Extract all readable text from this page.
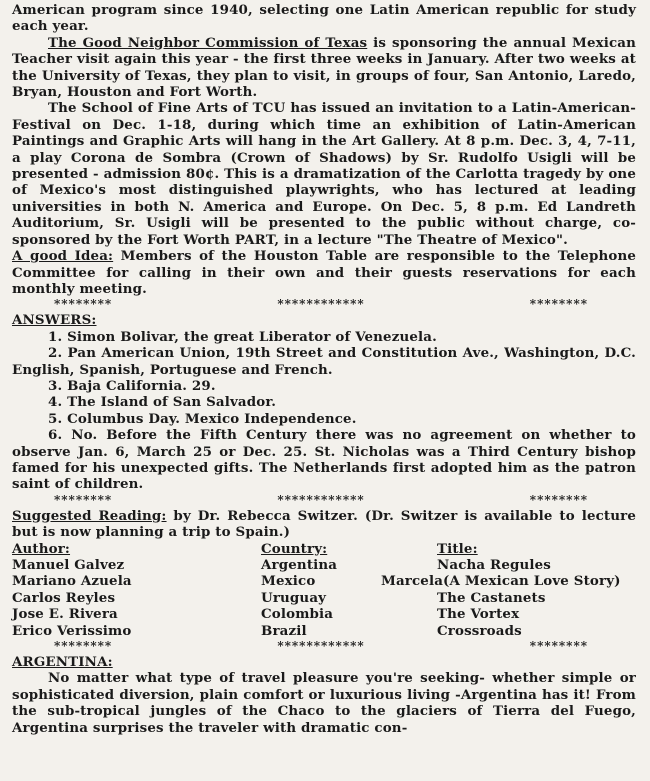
American program since 1940, selecting one Latin American republic for study each year.

The Good Neighbor Commission of Texas is sponsoring the annual Mexican Teacher visit again this year - the first three weeks in January. After two weeks at the University of Texas, they plan to visit, in groups of four, San Antonio, Laredo, Bryan, Houston and Fort Worth.

The School of Fine Arts of TCU has issued an invitation to a Latin-American-Festival on Dec. 1-18, during which time an exhibition of Latin-American Paintings and Graphic Arts will hang in the Art Gallery. At 8 p.m. Dec. 3, 4, 7-11, a play Corona de Sombra (Crown of Shadows) by Sr. Rudolfo Usigli will be presented - admission 80¢. This is a dramatization of the Carlotta tragedy by one of Mexico's most distinguished playwrights, who has lectured at leading universities in both N. America and Europe. On Dec. 5, 8 p.m. Ed Landreth Auditorium, Sr. Usigli will be presented to the public without charge, co-sponsored by the Fort Worth PART, in a lecture "The Theatre of Mexico".

A good Idea: Members of the Houston Table are responsible to the Telephone Committee for calling in their own and their guests reservations for each monthly meeting.

********	************	********

ANSWERS:

1. Simon Bolivar, the great Liberator of Venezuela.

2. Pan American Union, 19th Street and Constitution Ave., Washington, D.C. English, Spanish, Portuguese and French.

3. Baja California. 29.

4. The Island of San Salvador.

5. Columbus Day. Mexico Independence.

6. No. Before the Fifth Century there was no agreement on whether to observe Jan. 6, March 25 or Dec. 25. St. Nicholas was a Third Century bishop famed for his unexpected gifts. The Netherlands first adopted him as the patron saint of children.

********	************	********

Suggested Reading: by Dr. Rebecca Switzer. (Dr. Switzer is available to lecture but is now planning a trip to Spain.)

Author:	Country:	Title:
Manuel Galvez	Argentina	Nacha Regules
Mariano Azuela	Mexico	Marcela(A Mexican Love Story)
Carlos Reyles	Uruguay	The Castanets
Jose E. Rivera	Colombia	The Vortex
Erico Verissimo	Brazil	Crossroads
********	************	********

ARGENTINA:

No matter what type of travel pleasure you're seeking- whether simple or sophisticated diversion, plain comfort or luxurious living -Argentina has it! From the sub-tropical jungles of the Chaco to the glaciers of Tierra del Fuego, Argentina surprises the traveler with dramatic con-
